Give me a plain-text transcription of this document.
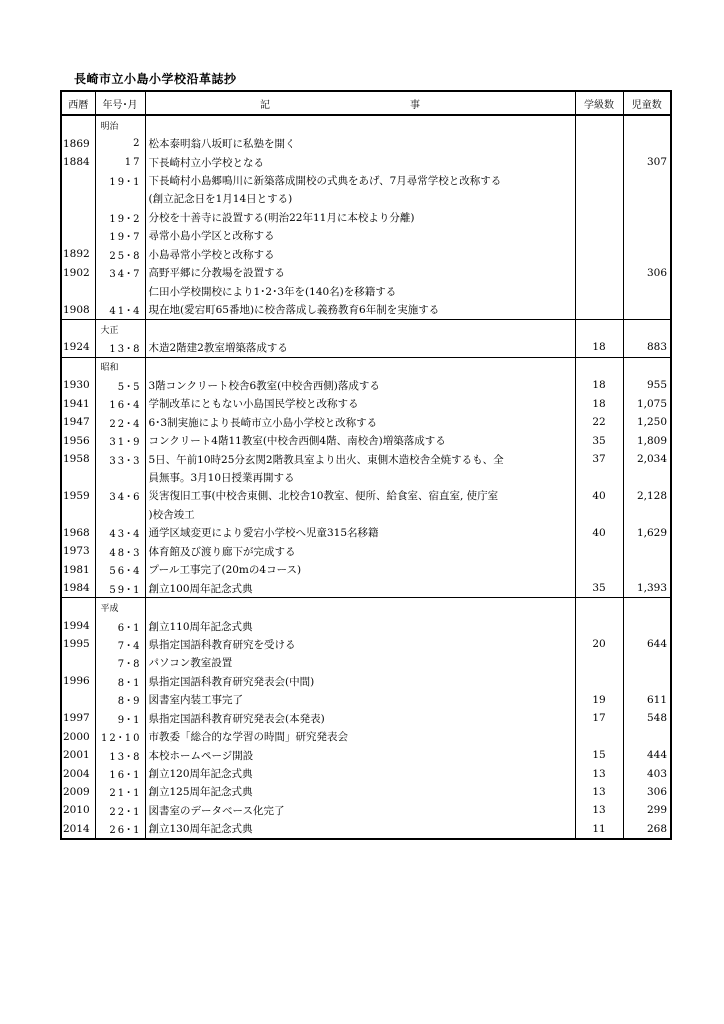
長崎市立小島小学校沿革誌抄
西暦	年号･月	記　　事	学級数	児童数
	明治			
1869	2	松本泰明翁八坂町に私塾を開く		
1884	17	下長崎村立小学校となる		307
	19･1	下長崎村小島郷鳴川に新築落成開校の式典をあげ、7月尋常学校と改称する		
		(創立記念日を1月14日とする)		
	19･2	分校を十善寺に設置する(明治22年11月に本校より分離)		
	19･7	尋常小島小学区と改称する		
1892	25･8	小島尋常小学校と改称する		
1902	34･7	高野平郷に分教場を設置する		306
		仁田小学校開校により1･2･3年を(140名)を移籍する		
1908	41･4	現在地(愛宕町65番地)に校舎落成し義務教育6年制を実施する		
	大正			
1924	13･8	木造2階建2教室増築落成する	18	883
	昭和			
1930	5･5	3階コンクリート校舎6教室(中校舎西側)落成する	18	955
1941	16･4	学制改革にともない小島国民学校と改称する	18	1,075
1947	22･4	6･3制実施により長崎市立小島小学校と改称する	22	1,250
1956	31･9	コンクリート4階11教室(中校舎西側4階、南校舎)増築落成する	35	1,809
1958	33･3	5日、午前10時25分玄関2階教具室より出火、東側木造校舎全焼するも、全	37	2,034
		員無事。3月10日授業再開する		
1959	34･6	災害復旧工事(中校舎東側、北校舎10教室、便所、給食室、宿直室, 使庁室	40	2,128
		)校舎竣工		
1968	43･4	通学区域変更により愛宕小学校へ児童315名移籍	40	1,629
1973	48･3	体育館及び渡り廊下が完成する		
1981	56･4	プール工事完了(20mの4コース)		
1984	59･1	創立100周年記念式典	35	1,393
	平成			
1994	6･1	創立110周年記念式典		
1995	7･4	県指定国語科教育研究を受ける	20	644
	7･8	パソコン教室設置		
1996	8･1	県指定国語科教育研究発表会(中間)		
	8･9	図書室内装工事完了	19	611
1997	9･1	県指定国語科教育研究発表会(本発表)	17	548
2000	12･10	市教委「総合的な学習の時間」研究発表会		
2001	13･8	本校ホームページ開設	15	444
2004	16･1	創立120周年記念式典	13	403
2009	21･1	創立125周年記念式典	13	306
2010	22･1	図書室のデータベース化完了	13	299
2014	26･1	創立130周年記念式典	11	268
